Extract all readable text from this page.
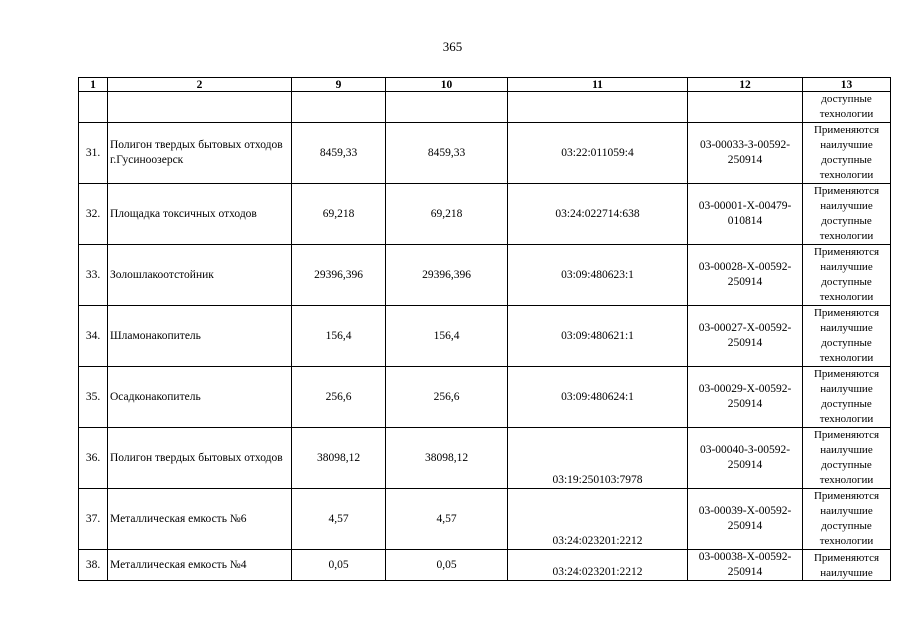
365
1	2	9	10	11	12	13
						доступные технологии
31.	Полигон твердых бытовых отходов г.Гусиноозерск	8459,33	8459,33	03:22:011059:4	03-00033-З-00592-250914	Применяются наилучшие доступные технологии
32.	Площадка токсичных отходов	69,218	69,218	03:24:022714:638	03-00001-Х-00479-010814	Применяются наилучшие доступные технологии
33.	Золошлакоотстойник	29396,396	29396,396	03:09:480623:1	03-00028-Х-00592-250914	Применяются наилучшие доступные технологии
34.	Шламонакопитель	156,4	156,4	03:09:480621:1	03-00027-Х-00592-250914	Применяются наилучшие доступные технологии
35.	Осадконакопитель	256,6	256,6	03:09:480624:1	03-00029-Х-00592-250914	Применяются наилучшие доступные технологии
36.	Полигон твердых бытовых отходов	38098,12	38098,12	03:19:250103:7978	03-00040-З-00592-250914	Применяются наилучшие доступные технологии
37.	Металлическая емкость №6	4,57	4,57	03:24:023201:2212	03-00039-Х-00592-250914	Применяются наилучшие доступные технологии
38.	Металлическая емкость №4	0,05	0,05	03:24:023201:2212	03-00038-Х-00592-250914	Применяются наилучшие
